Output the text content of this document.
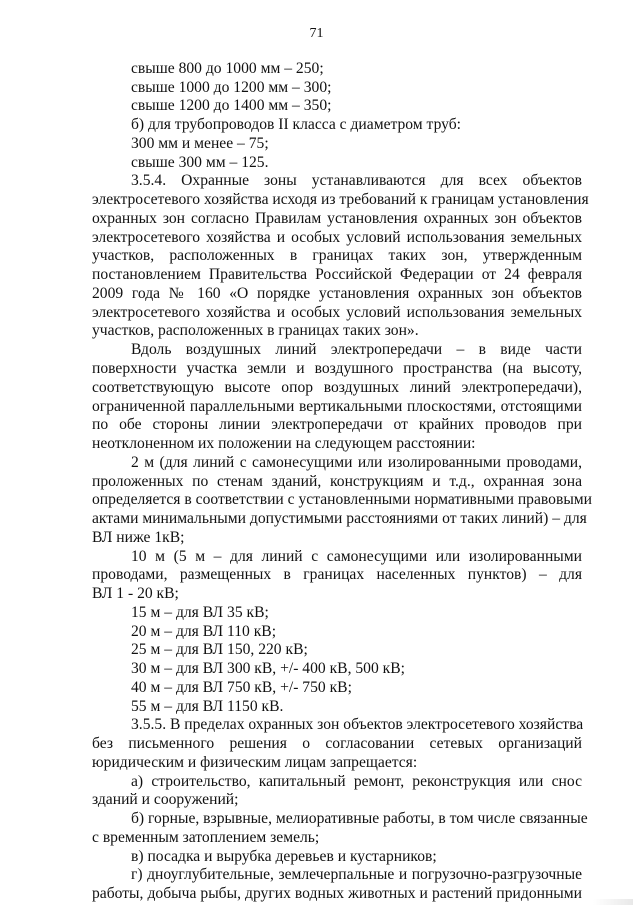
71
свыше 800 до 1000 мм – 250;
свыше 1000 до 1200 мм – 300;
свыше 1200 до 1400 мм – 350;
б) для трубопроводов II класса с диаметром труб:
300 мм и менее – 75;
свыше 300 мм – 125.
3.5.4. Охранные зоны устанавливаются для всех объектов
электросетевого хозяйства исходя из требований к границам установления
охранных зон согласно Правилам установления охранных зон объектов
электросетевого хозяйства и особых условий использования земельных
участков, расположенных в границах таких зон, утвержденным
постановлением Правительства Российской Федерации от 24 февраля
2009 года № 160 «О порядке установления охранных зон объектов
электросетевого хозяйства и особых условий использования земельных
участков, расположенных в границах таких зон».
Вдоль воздушных линий электропередачи – в виде части
поверхности участка земли и воздушного пространства (на высоту,
соответствующую высоте опор воздушных линий электропередачи),
ограниченной параллельными вертикальными плоскостями, отстоящими
по обе стороны линии электропередачи от крайних проводов при
неотклоненном их положении на следующем расстоянии:
2 м (для линий с самонесущими или изолированными проводами,
проложенных по стенам зданий, конструкциям и т.д., охранная зона
определяется в соответствии с установленными нормативными правовыми
актами минимальными допустимыми расстояниями от таких линий) – для
ВЛ ниже 1кВ;
10 м (5 м – для линий с самонесущими или изолированными
проводами, размещенных в границах населенных пунктов) – для
ВЛ 1 - 20 кВ;
15 м – для ВЛ 35 кВ;
20 м – для ВЛ 110 кВ;
25 м – для ВЛ 150, 220 кВ;
30 м – для ВЛ 300 кВ, +/- 400 кВ, 500 кВ;
40 м – для ВЛ 750 кВ, +/- 750 кВ;
55 м – для ВЛ 1150 кВ.
3.5.5. В пределах охранных зон объектов электросетевого хозяйства
без письменного решения о согласовании сетевых организаций
юридическим и физическим лицам запрещается:
а) строительство, капитальный ремонт, реконструкция или снос
зданий и сооружений;
б) горные, взрывные, мелиоративные работы, в том числе связанные
с временным затоплением земель;
в) посадка и вырубка деревьев и кустарников;
г) дноуглубительные, землечерпальные и погрузочно-разгрузочные
работы, добыча рыбы, других водных животных и растений придонными
